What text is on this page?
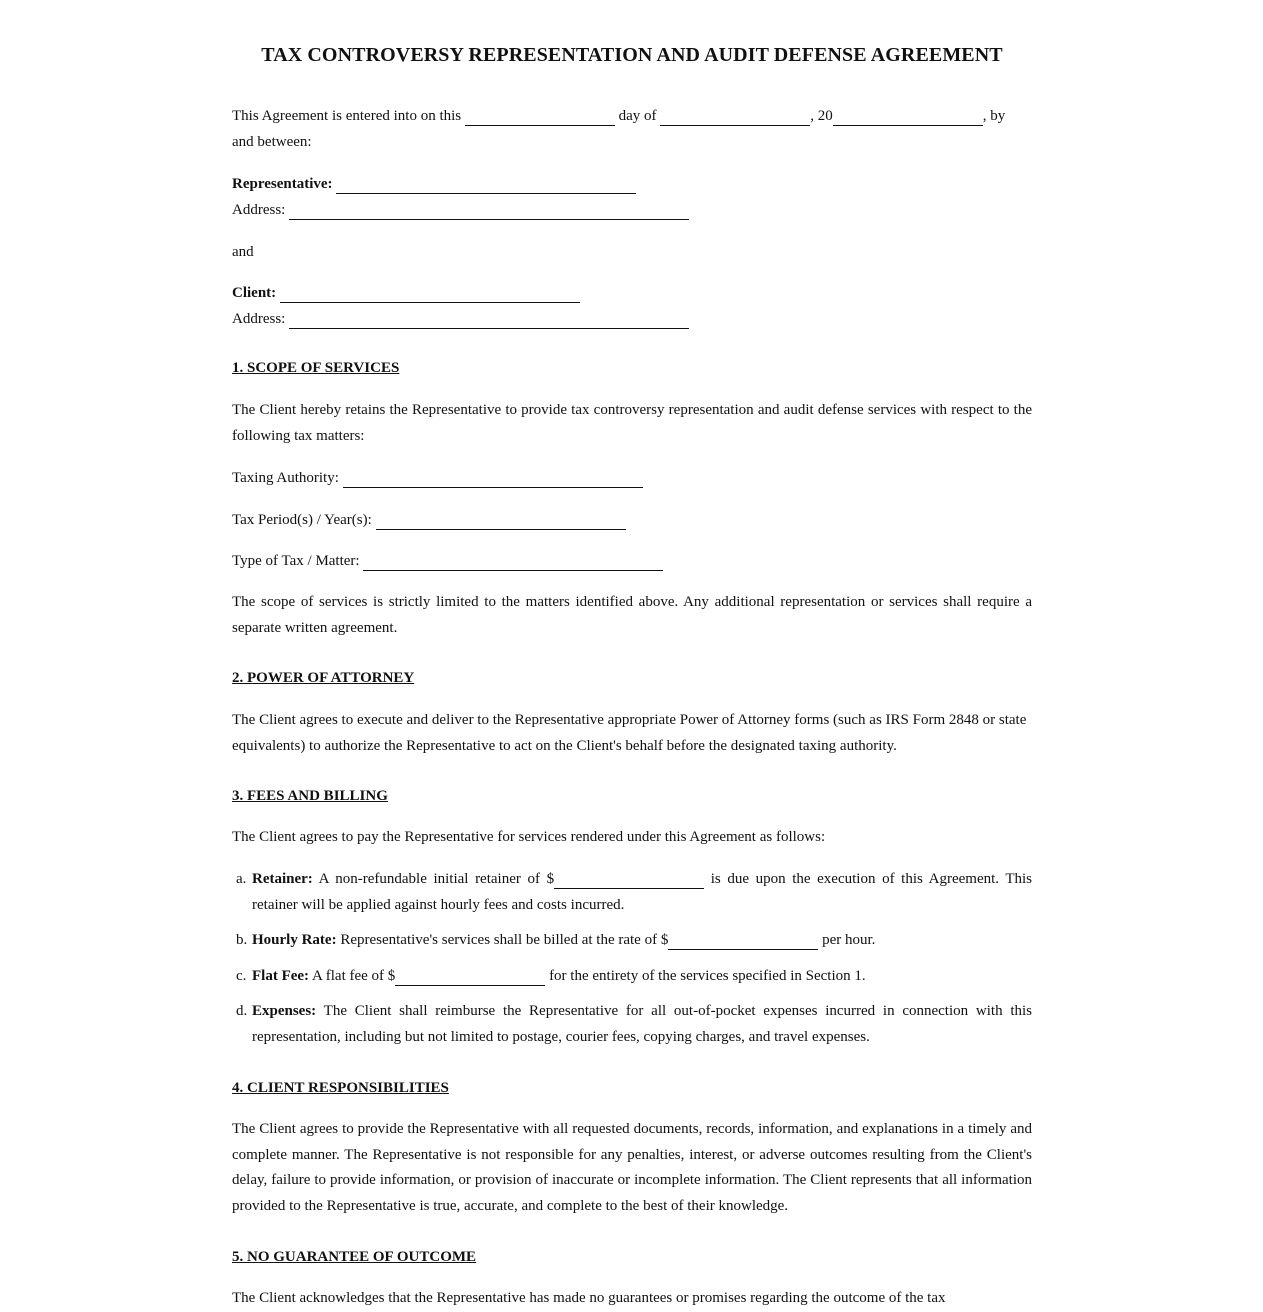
TAX CONTROVERSY REPRESENTATION AND AUDIT DEFENSE AGREEMENT
This Agreement is entered into on this	day of	, 20	, by
and between:
Representative:
Address:
and
Client:
Address:
1. SCOPE OF SERVICES
The Client hereby retains the Representative to provide tax controversy representation and audit defense services with respect to the following tax matters:
Taxing Authority:
Tax Period(s) / Year(s):
Type of Tax / Matter:
The scope of services is strictly limited to the matters identified above. Any additional representation or services shall require a separate written agreement.
2. POWER OF ATTORNEY
The Client agrees to execute and deliver to the Representative appropriate Power of Attorney forms (such as IRS Form 2848 or state equivalents) to authorize the Representative to act on the Client's behalf before the designated taxing authority.
3. FEES AND BILLING
The Client agrees to pay the Representative for services rendered under this Agreement as follows:
a. Retainer: A non-refundable initial retainer of $	is due upon the execution of this Agreement. This retainer will be applied against hourly fees and costs incurred.
b. Hourly Rate: Representative's services shall be billed at the rate of $	per hour.
c. Flat Fee: A flat fee of $	for the entirety of the services specified in Section 1.
d. Expenses: The Client shall reimburse the Representative for all out-of-pocket expenses incurred in connection with this representation, including but not limited to postage, courier fees, copying charges, and travel expenses.
4. CLIENT RESPONSIBILITIES
The Client agrees to provide the Representative with all requested documents, records, information, and explanations in a timely and complete manner. The Representative is not responsible for any penalties, interest, or adverse outcomes resulting from the Client's delay, failure to provide information, or provision of inaccurate or incomplete information. The Client represents that all information provided to the Representative is true, accurate, and complete to the best of their knowledge.
5. NO GUARANTEE OF OUTCOME
The Client acknowledges that the Representative has made no guarantees or promises regarding the outcome of the tax
